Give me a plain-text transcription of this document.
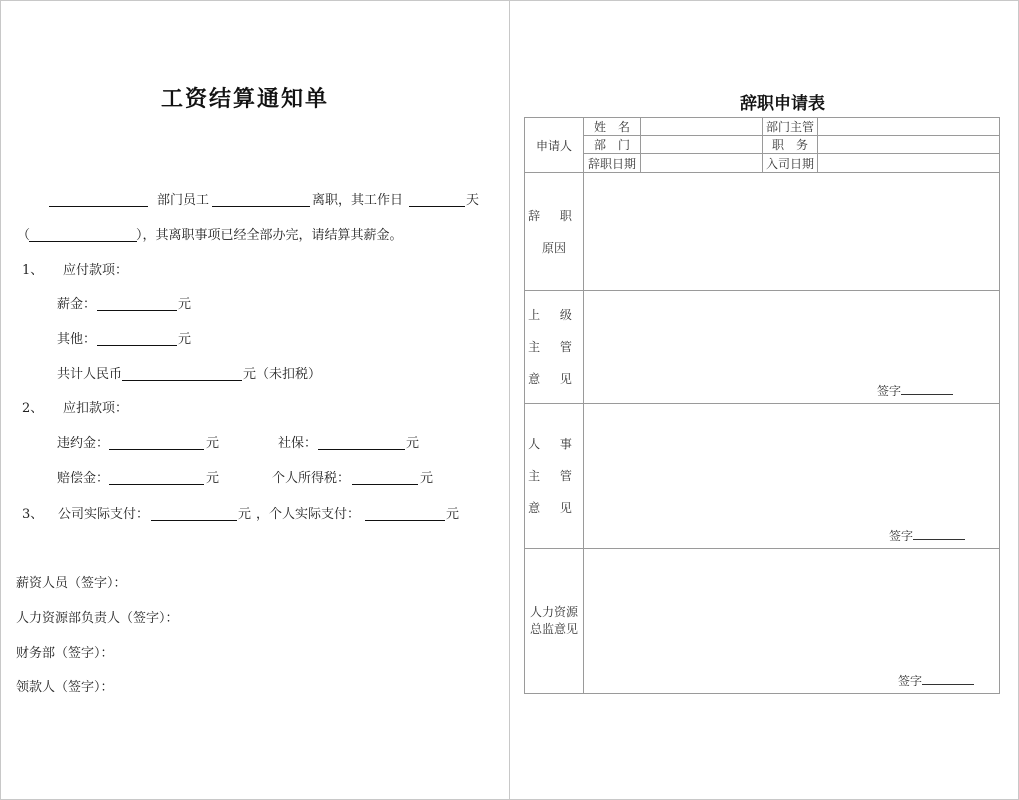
工资结算通知单
部门员工	离职，其工作日	天
（	），其离职事项已经全部办完，请结算其薪金。
1、 应付款项：
薪金：	元
其他：	元
共计人民币	元（未扣税）
2、 应扣款项：
违约金：	元	社保：	元
赔偿金：	元	个人所得税：	元
3、 公司实际支付：	元 ，个人实际支付：	元
薪资人员（签字）：
人力资源部负责人（签字）：
财务部（签字）：
领款人（签字）：
辞职申请表
申请人	姓　名		部门主管	
	部　门		职　务	
	辞职日期		入司日期	

辞 职
原因				

上 级
主 管
意 见	签字			

人 事
主 管
意 见	签字			

人力资源
总监意见	签字			
